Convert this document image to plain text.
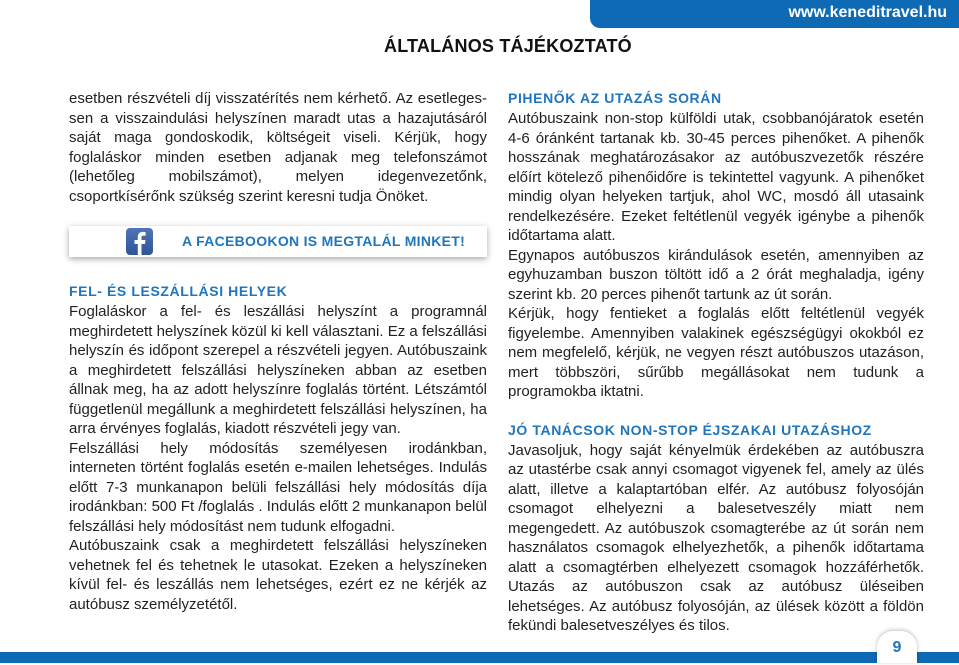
www.keneditravel.hu
ÁLTALÁNOS TÁJÉKOZTATÓ

esetben részvételi díj visszatérítés nem kérhető. Az esetleges-sen a visszaindulási helyszínen maradt utas a hazajutásáról saját maga gondoskodik, költségeit viseli. Kérjük, hogy foglaláskor minden esetben adjanak meg telefonszámot (lehetőleg mobilszámot), melyen idegenvezetőnk, csoportkísérőnk szükség szerint keresni tudja Önöket.

A FACEBOOKON IS MEGTALÁL MINKET!
FEL- ÉS LESZÁLLÁSI HELYEK

Foglaláskor a fel- és leszállási helyszínt a programnál meghirdetett helyszínek közül ki kell választani. Ez a felszállási helyszín és időpont szerepel a részvételi jegyen. Autóbuszaink a meghirdetett felszállási helyszíneken abban az esetben állnak meg, ha az adott helyszínre foglalás történt. Létszámtól függetlenül megállunk a meghirdetett felszállási helyszínen, ha arra érvényes foglalás, kiadott részvételi jegy van.

Felszállási hely módosítás személyesen irodánkban, interneten történt foglalás esetén e-mailen lehetséges. Indulás előtt 7-3 munkanapon belüli felszállási hely módosítás díja irodánkban: 500 Ft /foglalás . Indulás előtt 2 munkanapon belül felszállási hely módosítást nem tudunk elfogadni.

Autóbuszaink csak a meghirdetett felszállási helyszíneken vehetnek fel és tehetnek le utasokat. Ezeken a helyszíneken kívül fel- és leszállás nem lehetséges, ezért ez ne kérjék az autóbusz személyzetétől.

PIHENŐK AZ UTAZÁS SORÁN

Autóbuszaink non-stop külföldi utak, csobbanójáratok esetén 4-6 óránként tartanak kb. 30-45 perces pihenőket. A pihenők hosszának meghatározásakor az autóbuszvezetők részére előírt kötelező pihenőidőre is tekintettel vagyunk. A pihenőket mindig olyan helyeken tartjuk, ahol WC, mosdó áll utasaink rendelkezésére. Ezeket feltétlenül vegyék igénybe a pihenők időtartama alatt.

Egynapos autóbuszos kirándulások esetén, amennyiben az egyhuzamban buszon töltött idő a 2 órát meghaladja, igény szerint kb. 20 perces pihenőt tartunk az út során.

Kérjük, hogy fentieket a foglalás előtt feltétlenül vegyék figyelembe. Amennyiben valakinek egészségügyi okokból ez nem megfelelő, kérjük, ne vegyen részt autóbuszos utazáson, mert többszöri, sűrűbb megállásokat nem tudunk a programokba iktatni.

JÓ TANÁCSOK NON-STOP ÉJSZAKAI UTAZÁSHOZ

Javasoljuk, hogy saját kényelmük érdekében az autóbuszra az utastérbe csak annyi csomagot vigyenek fel, amely az ülés alatt, illetve a kalaptartóban elfér. Az autóbusz folyosóján csomagot elhelyezni a balesetveszély miatt nem megengedett. Az autóbuszok csomagterébe az út során nem használatos csomagok elhelyezhetők, a pihenők időtartama alatt a csomagtérben elhelyezett csomagok hozzáférhetők. Utazás az autóbuszon csak az autóbusz üléseiben lehetséges. Az autóbusz folyosóján, az ülések között a földön fekündi balesetveszélyes és tilos.

9
